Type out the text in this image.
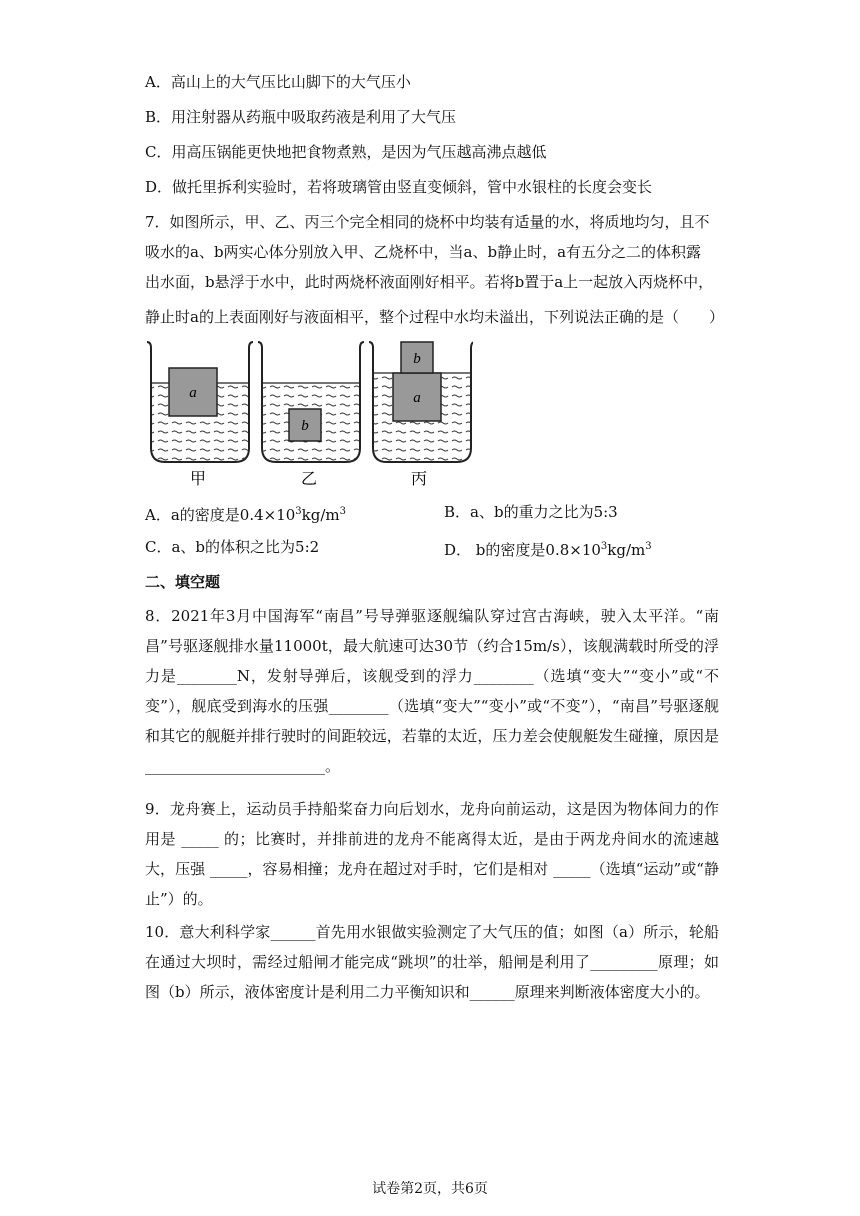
A．高山上的大气压比山脚下的大气压小
B．用注射器从药瓶中吸取药液是利用了大气压
C．用高压锅能更快地把食物煮熟，是因为气压越高沸点越低
D．做托里拆利实验时，若将玻璃管由竖直变倾斜，管中水银柱的长度会变长
7．如图所示，甲、乙、丙三个完全相同的烧杯中均装有适量的水，将质地均匀，且不
吸水的a、b两实心体分别放入甲、乙烧杯中，当a、b静止时，a有五分之二的体积露
出水面，b悬浮于水中，此时两烧杯液面刚好相平。若将b置于a上一起放入丙烧杯中，
静止时a的上表面刚好与液面相平，整个过程中水均未溢出，下列说法正确的是（　　）
a
甲
b
乙
a
b
丙
A．a的密度是$0.4\times 10^3kg/m^3$	B．a、b的重力之比为5:3
C．a、b的体积之比为5:2	D． b的密度是$0.8\times 10^3kg/m^3$
二、填空题
8．2021年3月中国海军“南昌”号导弹驱逐舰编队穿过宫古海峡，驶入太平洋。“南昌”号驱逐舰排水量11000t，最大航速可达30节（约合15m/s），该舰满载时所受的浮力是________N，发射导弹后，该舰受到的浮力________（选填“变大”“变小”或“不变”），舰底受到海水的压强________（选填“变大”“变小”或“不变”），“南昌”号驱逐舰和其它的舰艇并排行驶时的间距较远，若靠的太近，压力差会使舰艇发生碰撞，原因是________________________。
9．龙舟赛上，运动员手持船桨奋力向后划水，龙舟向前运动，这是因为物体间力的作用是 _____ 的；比赛时，并排前进的龙舟不能离得太近，是由于两龙舟间水的流速越大，压强 _____，容易相撞；龙舟在超过对手时，它们是相对 _____（选填“运动”或“静止”）的。
10．意大利科学家______首先用水银做实验测定了大气压的值；如图（a）所示，轮船在通过大坝时，需经过船闸才能完成“跳坝”的壮举，船闸是利用了_________原理；如图（b）所示，液体密度计是利用二力平衡知识和______原理来判断液体密度大小的。
试卷第2页，共6页
